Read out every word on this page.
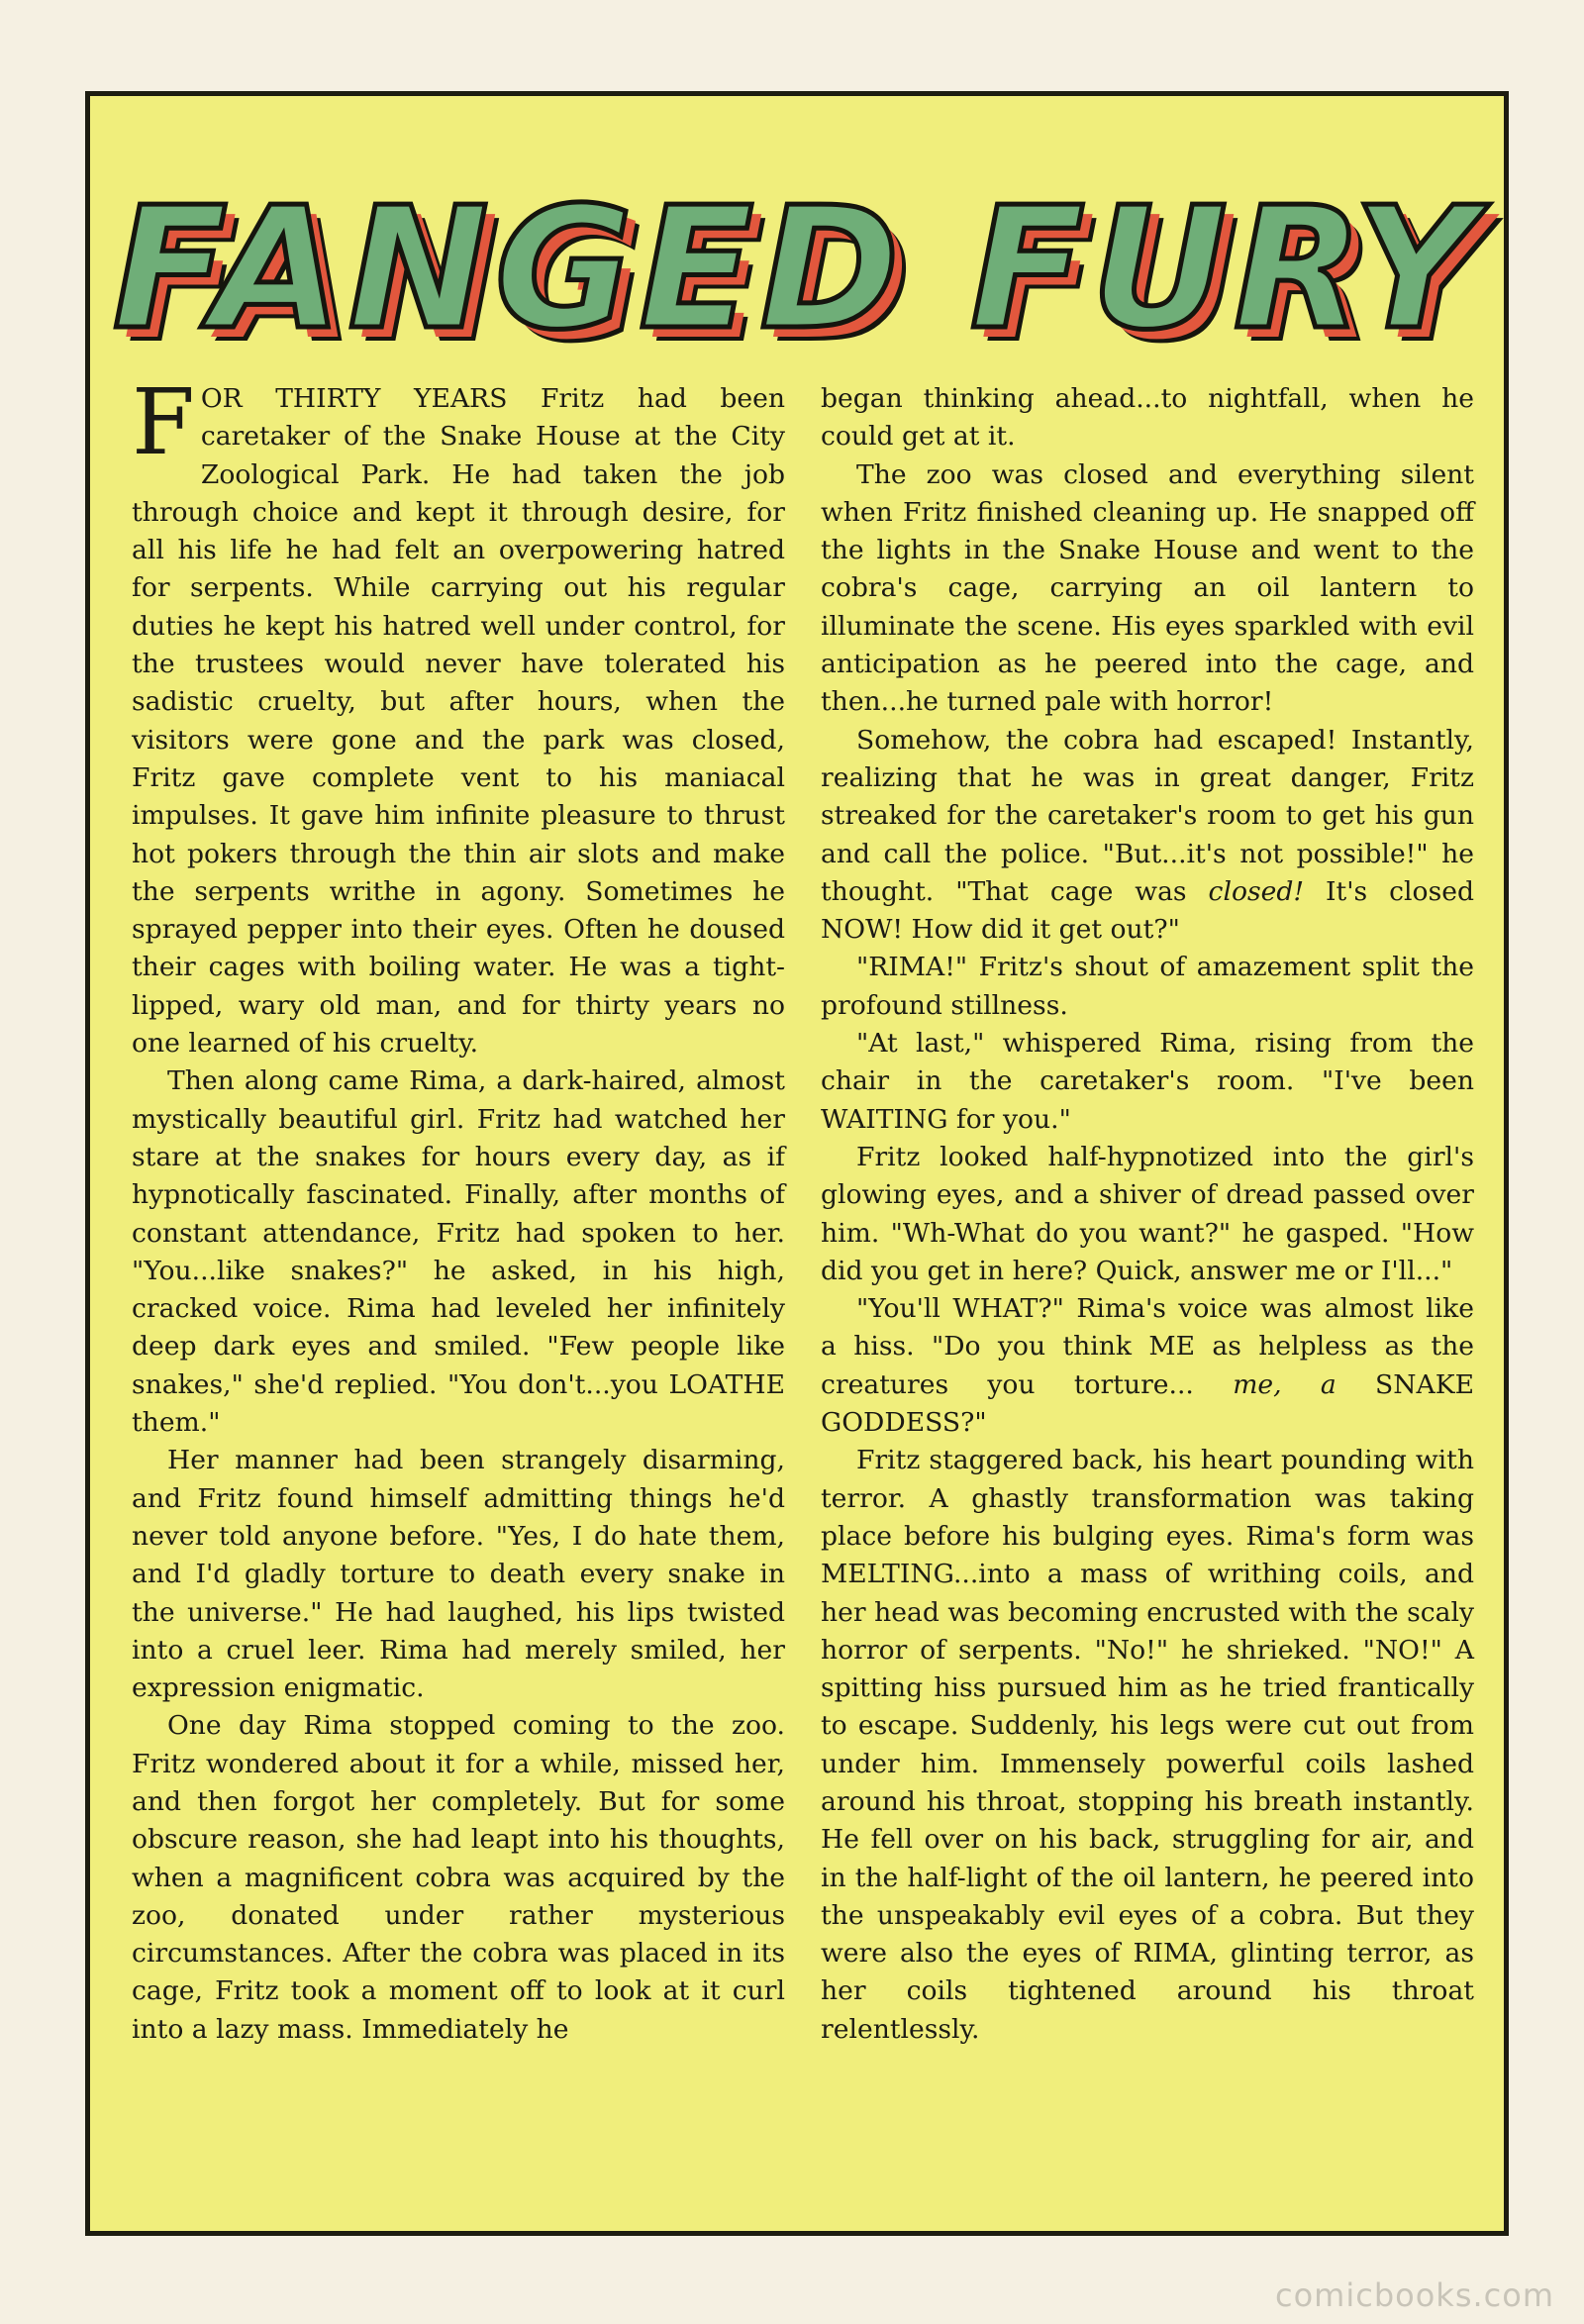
FANGED FURY

FOR THIRTY YEARS Fritz had been caretaker of the Snake House at the City Zoological Park. He had taken the job through choice and kept it through desire, for all his life he had felt an overpowering hatred for serpents. While carrying out his regular duties he kept his hatred well under control, for the trustees would never have tolerated his sadistic cruelty, but after hours, when the visitors were gone and the park was closed, Fritz gave complete vent to his maniacal impulses. It gave him infinite pleasure to thrust hot pokers through the thin air slots and make the serpents writhe in agony. Sometimes he sprayed pepper into their eyes. Often he doused their cages with boiling water. He was a tight-lipped, wary old man, and for thirty years no one learned of his cruelty.

Then along came Rima, a dark-haired, almost mystically beautiful girl. Fritz had watched her stare at the snakes for hours every day, as if hypnotically fascinated. Finally, after months of constant attendance, Fritz had spoken to her. "You...like snakes?" he asked, in his high, cracked voice. Rima had leveled her infinitely deep dark eyes and smiled. "Few people like snakes," she'd replied. "You don't...you LOATHE them."

Her manner had been strangely disarming, and Fritz found himself admitting things he'd never told anyone before. "Yes, I do hate them, and I'd gladly torture to death every snake in the universe." He had laughed, his lips twisted into a cruel leer. Rima had merely smiled, her expression enigmatic.

One day Rima stopped coming to the zoo. Fritz wondered about it for a while, missed her, and then forgot her completely. But for some obscure reason, she had leapt into his thoughts, when a magnificent cobra was acquired by the zoo, donated under rather mysterious circumstances. After the cobra was placed in its cage, Fritz took a moment off to look at it curl into a lazy mass. Immediately he

began thinking ahead...to nightfall, when he could get at it.

The zoo was closed and everything silent when Fritz finished cleaning up. He snapped off the lights in the Snake House and went to the cobra's cage, carrying an oil lantern to illuminate the scene. His eyes sparkled with evil anticipation as he peered into the cage, and then...he turned pale with horror!

Somehow, the cobra had escaped! Instantly, realizing that he was in great danger, Fritz streaked for the caretaker's room to get his gun and call the police. "But...it's not possible!" he thought. "That cage was closed! It's closed NOW! How did it get out?"

"RIMA!" Fritz's shout of amazement split the profound stillness.

"At last," whispered Rima, rising from the chair in the caretaker's room. "I've been WAITING for you."

Fritz looked half-hypnotized into the girl's glowing eyes, and a shiver of dread passed over him. "Wh-What do you want?" he gasped. "How did you get in here? Quick, answer me or I'll..."

"You'll WHAT?" Rima's voice was almost like a hiss. "Do you think ME as helpless as the creatures you torture... me, a SNAKE GODDESS?"

Fritz staggered back, his heart pounding with terror. A ghastly transformation was taking place before his bulging eyes. Rima's form was MELTING...into a mass of writhing coils, and her head was becoming encrusted with the scaly horror of serpents. "No!" he shrieked. "NO!" A spitting hiss pursued him as he tried frantically to escape. Suddenly, his legs were cut out from under him. Immensely powerful coils lashed around his throat, stopping his breath instantly. He fell over on his back, struggling for air, and in the half-light of the oil lantern, he peered into the unspeakably evil eyes of a cobra. But they were also the eyes of RIMA, glinting terror, as her coils tightened around his throat relentlessly.

comicbooks.com
